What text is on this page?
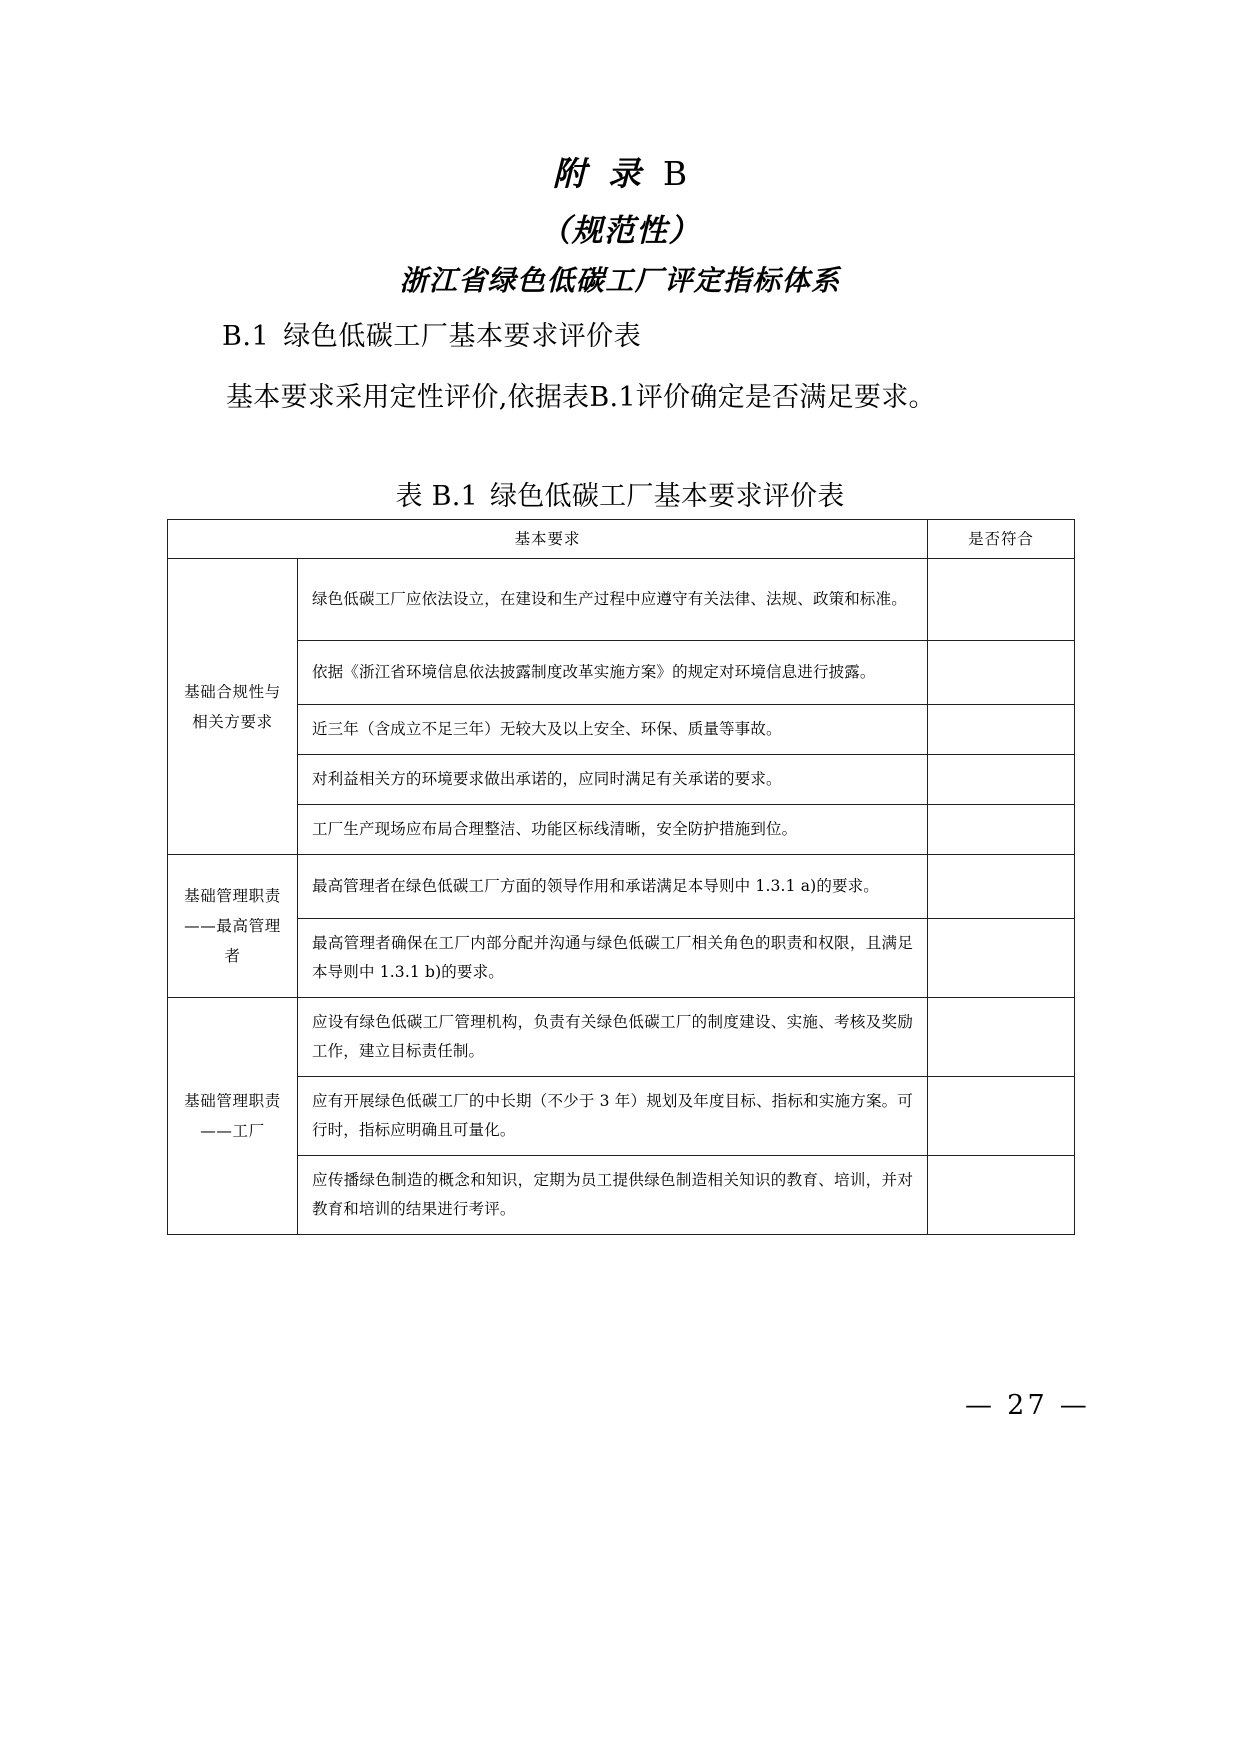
附 录 B
（规范性）
浙江省绿色低碳工厂评定指标体系
B.1 绿色低碳工厂基本要求评价表
基本要求采用定性评价,依据表B.1评价确定是否满足要求。
表 B.1 绿色低碳工厂基本要求评价表
基本要求		是否符合
基础合规性与相关方要求	绿色低碳工厂应依法设立，在建设和生产过程中应遵守有关法律、法规、政策和标准。	
	依据《浙江省环境信息依法披露制度改革实施方案》的规定对环境信息进行披露。	
	近三年（含成立不足三年）无较大及以上安全、环保、质量等事故。	
	对利益相关方的环境要求做出承诺的，应同时满足有关承诺的要求。	
	工厂生产现场应布局合理整洁、功能区标线清晰，安全防护措施到位。	
基础管理职责——最高管理者	最高管理者在绿色低碳工厂方面的领导作用和承诺满足本导则中 1.3.1 a)的要求。	
	最高管理者确保在工厂内部分配并沟通与绿色低碳工厂相关角色的职责和权限，且满足本导则中 1.3.1 b)的要求。	
基础管理职责——工厂	应设有绿色低碳工厂管理机构，负责有关绿色低碳工厂的制度建设、实施、考核及奖励工作，建立目标责任制。	
	应有开展绿色低碳工厂的中长期（不少于 3 年）规划及年度目标、指标和实施方案。可行时，指标应明确且可量化。	
	应传播绿色制造的概念和知识，定期为员工提供绿色制造相关知识的教育、培训，并对教育和培训的结果进行考评。	
— 27 —
